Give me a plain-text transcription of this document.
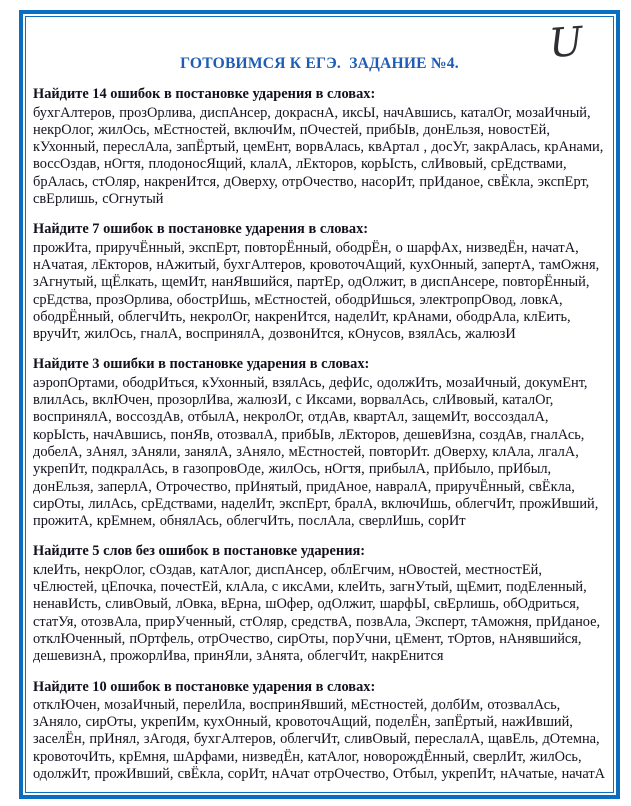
U
ГОТОВИМСЯ К ЕГЭ.  ЗАДАНИЕ №4.

Найдите 14 ошибок в постановке ударения в словах:

бухгАлтеров, прозОрлива, диспАнсер, докраснА, иксЫ, начАвшись, каталОг, мозаИчный, некрОлог, жилОсь, мЕстностей, включИм, пОчестей, прибЫв, донЕльзя, новостЕй, кУхонный, переслАла, запЁртый, цемЕнт, ворвАлась, квАртал , досУг, закрАлась, крАнами, воссОздав, нОгтя, плодоносЯщий, клалА, лЕкторов, корЫсть, слИвовый, срЕдствами, брАлась, стОляр, накренИтся, дОверху, отрОчество, насорИт, прИданое, свЁкла, экспЕрт, свЕрлишь, сОгнутый

Найдите 7 ошибок в постановке ударения в словах:

прожИта, приручЁнный, экспЕрт, повторЁнный, ободрЁн, о шарфАх, низведЁн, начатА, нАчатая, лЕкторов, нАжитый, бухгАлтеров, кровоточАщий, кухОнный, запертА, тамОжня, зАгнутый, щЁлкать, щемИт, нанЯвшийся, партЕр, одОлжит, в диспАнсере, повторЁнный, срЕдства, прозОрлива, обострИшь, мЕстностей, ободрИшься, электропрОвод, ловкА, ободрЁнный, облегчИть, некролОг, накренИтся, наделИт, крАнами, ободрАла, клЕить, вручИт, жилОсь, гналА, воспринялА, дозвонИтся, кОнусов, взялАсь, жалюзИ

Найдите 3 ошибки в постановке ударения в словах:

аэропОртами, ободрИться, кУхонный, взялАсь, дефИс, одолжИть, мозаИчный, докумЕнт, влилАсь, вклЮчен, прозорлИва, жалюзИ, с Иксами, ворвалАсь, слИвовый, каталОг, воспринялА, воссоздАв, отбылА, некролОг, отдАв, квартАл, защемИт, воссоздалА, корЫсть, начАвшись, понЯв, отозвалА, прибЫв, лЕкторов, дешевИзна, создАв, гналАсь, добелА, зАнял, зАняли, занялА, зАняло, мЕстностей, повторИт. дОверху, клАла, лгалА, укрепИт, подкралАсь, в газопровОде, жилОсь, нОгтя, прибылА, прИбыло, прИбыл, донЕльзя, заперлА, Отрочество, прИнятый, придАное, навралА, приручЁнный, свЁкла, сирОты, лилАсь, срЕдствами, наделИт, экспЕрт, бралА, включИшь, облегчИт, прожИвший, прожитА, крЕмнем, обнялАсь, облегчИть, послАла, сверлИшь, сорИт

Найдите 5 слов без ошибок в постановке ударения:

клеИть, некрОлог, сОздав, катАлог, диспАнсер, облЕгчим, нОвостей, местностЕй, чЕлюстей, цЕпочка, почестЕй, клАла, с иксАми, клеИть, загнУтый, щЕмит, подЕленный, ненавИсть, сливОвый, лОвка, вЕрна, шОфер, одОлжит, шарфЫ, свЕрлишь, обОдриться, статУя, отозвАла, прирУченный, стОляр, средствА, позвАла, Эксперт, тАможня, прИданое, отклЮченный, пОртфель, отрОчество, сирОты, порУчни, цЕмент, тОртов, нАнявшийся, дешевизнА, прожорлИва, принЯли, зАнята, облегчИт, накрЕнится

Найдите 10 ошибок в постановке ударения в словах:

отклЮчен, мозаИчный, перелИла, воспринЯвший, мЕстностей, долбИм, отозвалАсь, зАняло, сирОты, укрепИм, кухОнный, кровоточАщий, поделЁн, запЁртый, нажИвший, заселЁн, прИнял, зАгодя, бухгАлтеров, облегчИт, сливОвый, переслалА, щавЕль, дОтемна, кровоточИть, крЕмня, шАрфами, низведЁн, катАлог, новорождЁнный, сверлИт, жилОсь, одолжИт, прожИвший, свЁкла, сорИт, нАчат отрОчество, Отбыл, укрепИт, нАчатые, начатА
